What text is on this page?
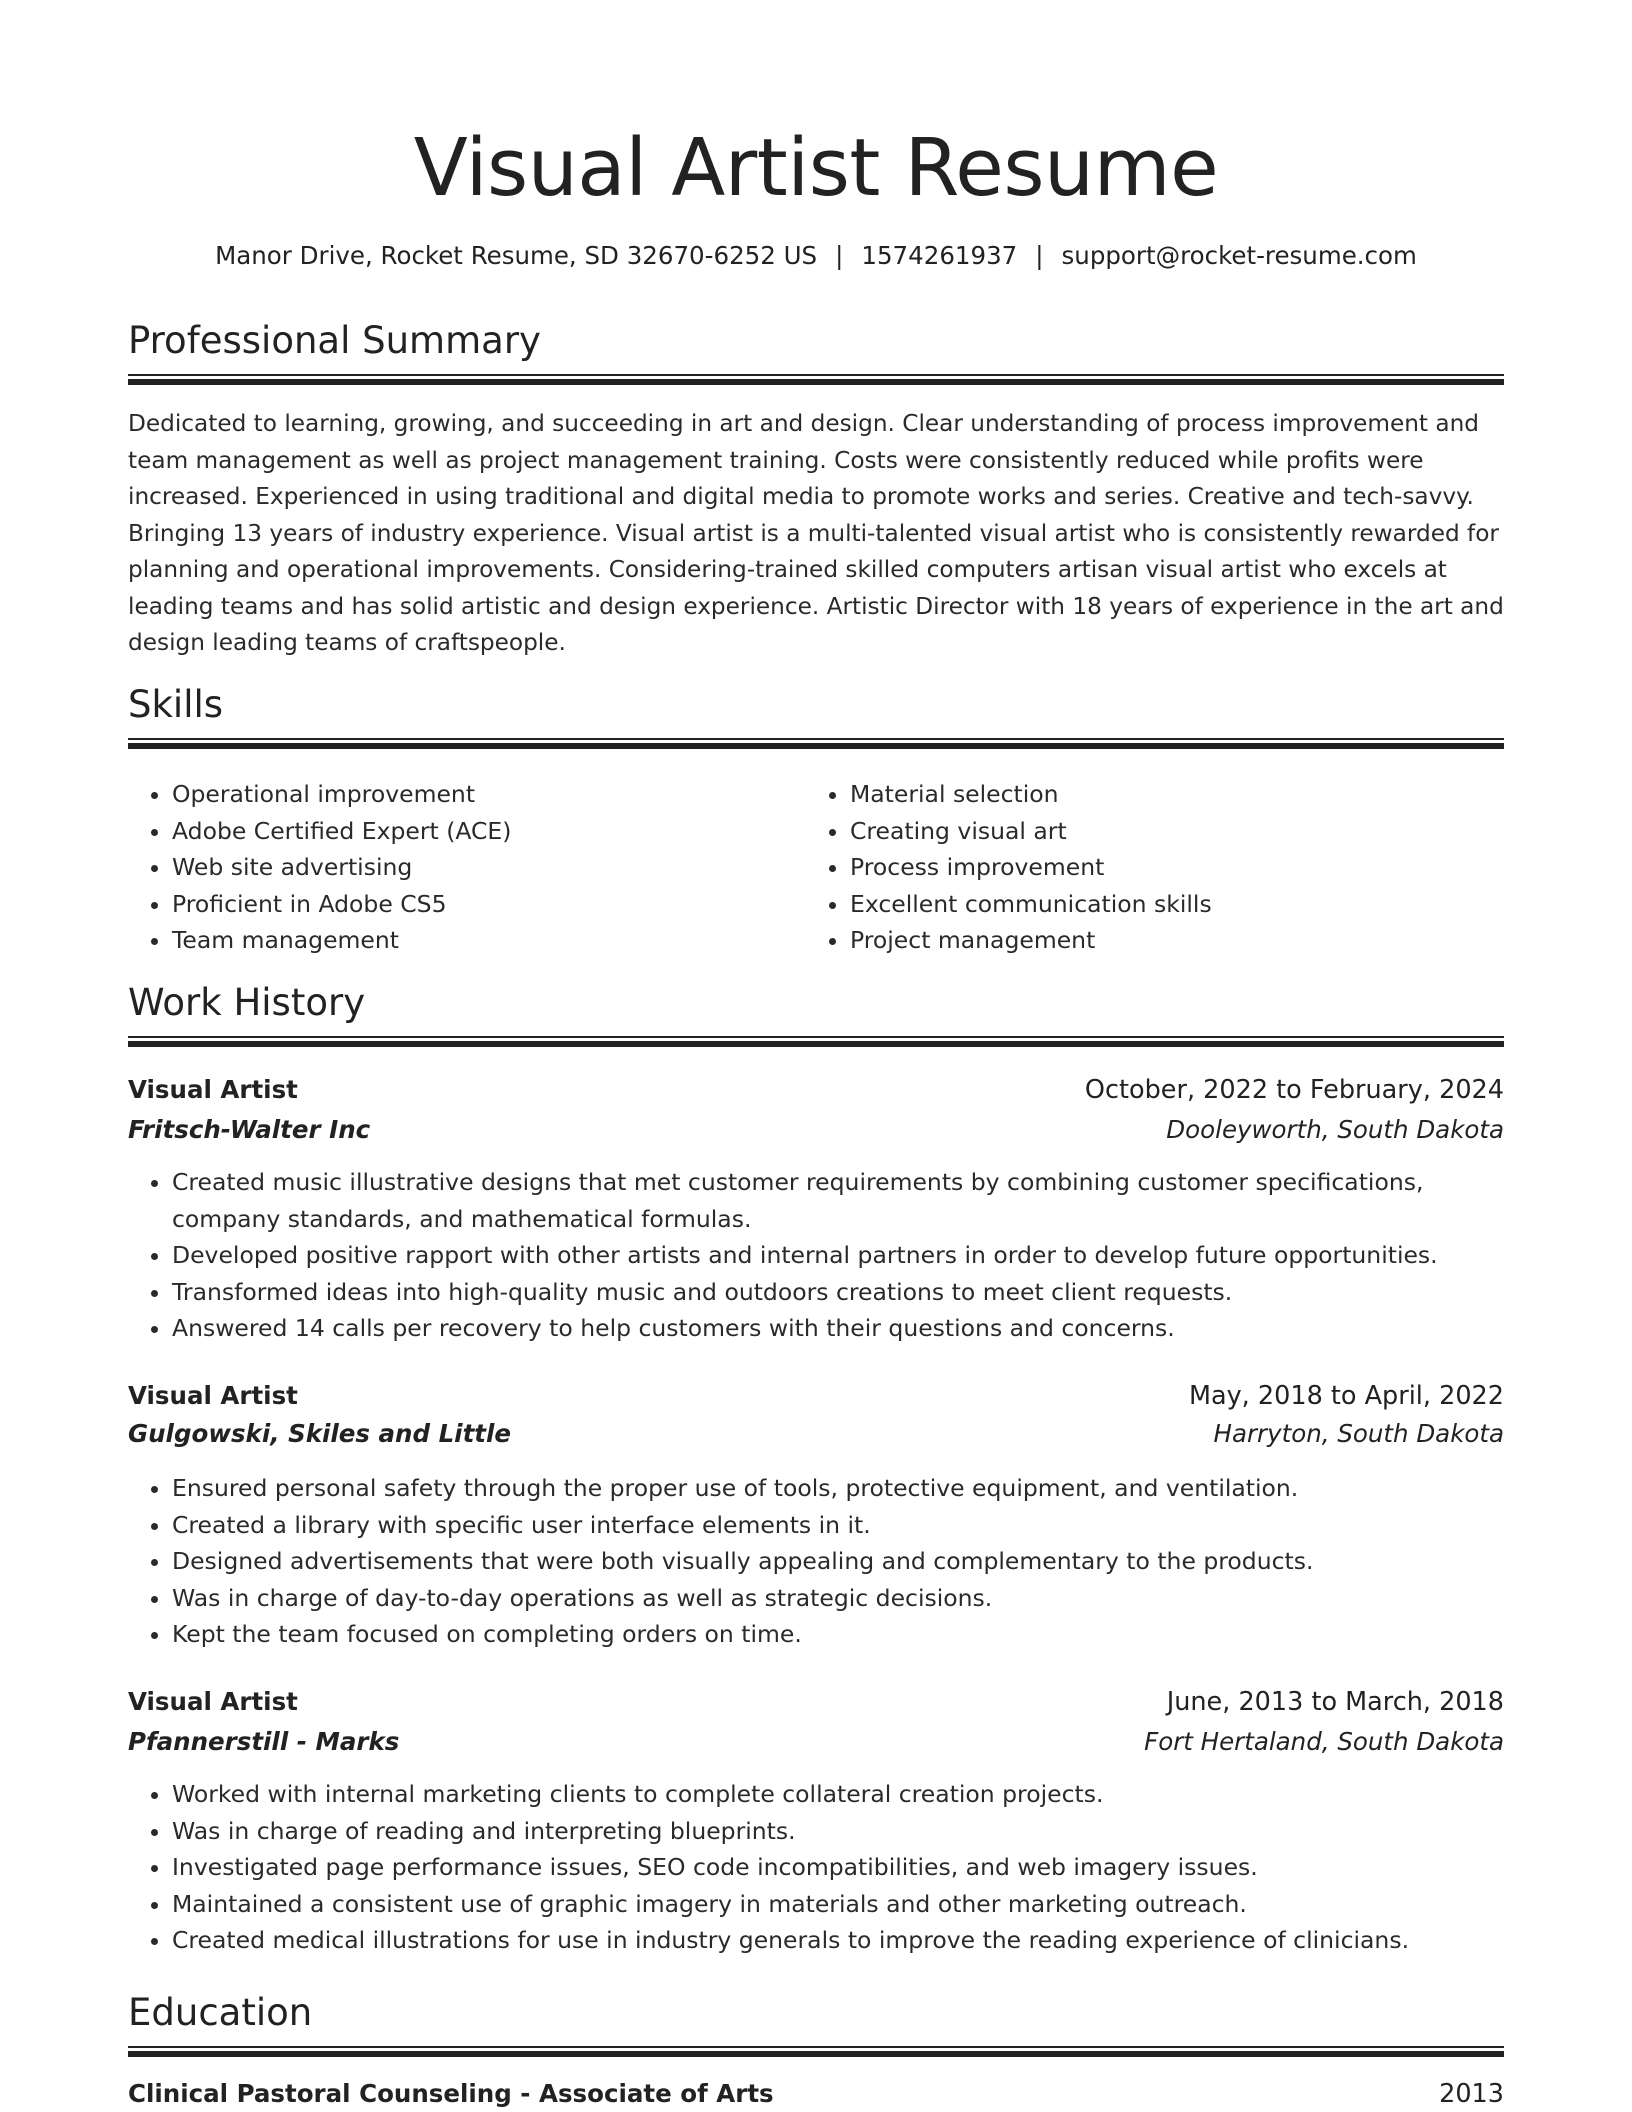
Visual Artist Resume
Manor Drive, Rocket Resume, SD 32670-6252 US | 1574261937 | support@rocket-resume.com
Professional Summary

Dedicated to learning, growing, and succeeding in art and design. Clear understanding of process improvement and team management as well as project management training. Costs were consistently reduced while profits were increased. Experienced in using traditional and digital media to promote works and series. Creative and tech-savvy. Bringing 13 years of industry experience. Visual artist is a multi-talented visual artist who is consistently rewarded for planning and operational improvements. Considering-trained skilled computers artisan visual artist who excels at leading teams and has solid artistic and design experience. Artistic Director with 18 years of experience in the art and design leading teams of craftspeople.

Skills
• Operational improvement
• Adobe Certified Expert (ACE)
• Web site advertising
• Proficient in Adobe CS5
• Team management
• Material selection
• Creating visual art
• Process improvement
• Excellent communication skills
• Project management
Work History
Visual Artist	October, 2022 to February, 2024
Fritsch-Walter Inc	Dooleyworth, South Dakota
• Created music illustrative designs that met customer requirements by combining customer specifications, company standards, and mathematical formulas.
• Developed positive rapport with other artists and internal partners in order to develop future opportunities.
• Transformed ideas into high-quality music and outdoors creations to meet client requests.
• Answered 14 calls per recovery to help customers with their questions and concerns.
Visual Artist	May, 2018 to April, 2022
Gulgowski, Skiles and Little	Harryton, South Dakota
• Ensured personal safety through the proper use of tools, protective equipment, and ventilation.
• Created a library with specific user interface elements in it.
• Designed advertisements that were both visually appealing and complementary to the products.
• Was in charge of day-to-day operations as well as strategic decisions.
• Kept the team focused on completing orders on time.
Visual Artist	June, 2013 to March, 2018
Pfannerstill - Marks	Fort Hertaland, South Dakota
• Worked with internal marketing clients to complete collateral creation projects.
• Was in charge of reading and interpreting blueprints.
• Investigated page performance issues, SEO code incompatibilities, and web imagery issues.
• Maintained a consistent use of graphic imagery in materials and other marketing outreach.
• Created medical illustrations for use in industry generals to improve the reading experience of clinicians.
Education
Clinical Pastoral Counseling - Associate of Arts	2013
